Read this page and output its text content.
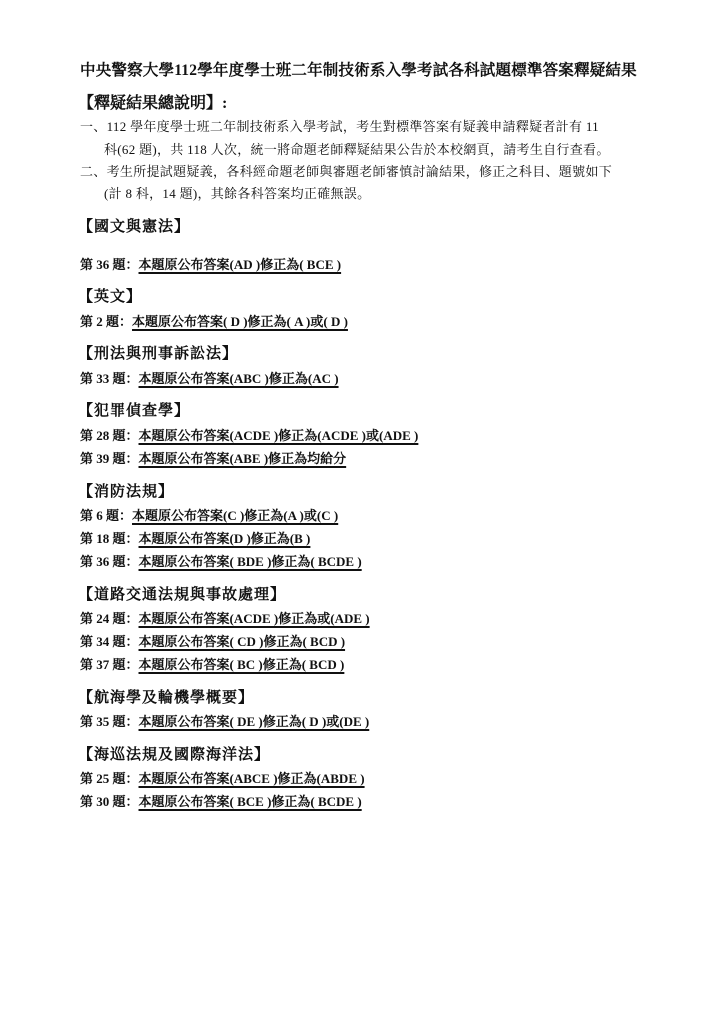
中央警察大學112學年度學士班二年制技術系入學考試各科試題標準答案釋疑結果
【釋疑結果總說明】:
一、112 學年度學士班二年制技術系入學考試，考生對標準答案有疑義申請釋疑者計有 11
科(62 題)，共 118 人次，統一將命題老師釋疑結果公告於本校網頁，請考生自行查看。
二、考生所提試題疑義，各科經命題老師與審題老師審慎討論結果，修正之科目、題號如下
(計 8 科，14 題)，其餘各科答案均正確無誤。
【國文與憲法】
第 36 題：本題原公布答案(AD )修正為( BCE )
【英文】
第 2 題：本題原公布答案( D )修正為( A )或( D )
【刑法與刑事訴訟法】
第 33 題：本題原公布答案(ABC )修正為(AC )
【犯罪偵查學】
第 28 題：本題原公布答案(ACDE )修正為(ACDE )或(ADE )
第 39 題：本題原公布答案(ABE )修正為均給分
【消防法規】
第 6 題：本題原公布答案(C )修正為(A )或(C )
第 18 題：本題原公布答案(D )修正為(B )
第 36 題：本題原公布答案( BDE )修正為( BCDE )
【道路交通法規與事故處理】
第 24 題：本題原公布答案(ACDE )修正為或(ADE )
第 34 題：本題原公布答案( CD )修正為( BCD )
第 37 題：本題原公布答案( BC )修正為( BCD )
【航海學及輪機學概要】
第 35 題：本題原公布答案( DE )修正為( D )或(DE )
【海巡法規及國際海洋法】
第 25 題：本題原公布答案(ABCE )修正為(ABDE )
第 30 題：本題原公布答案( BCE )修正為( BCDE )
